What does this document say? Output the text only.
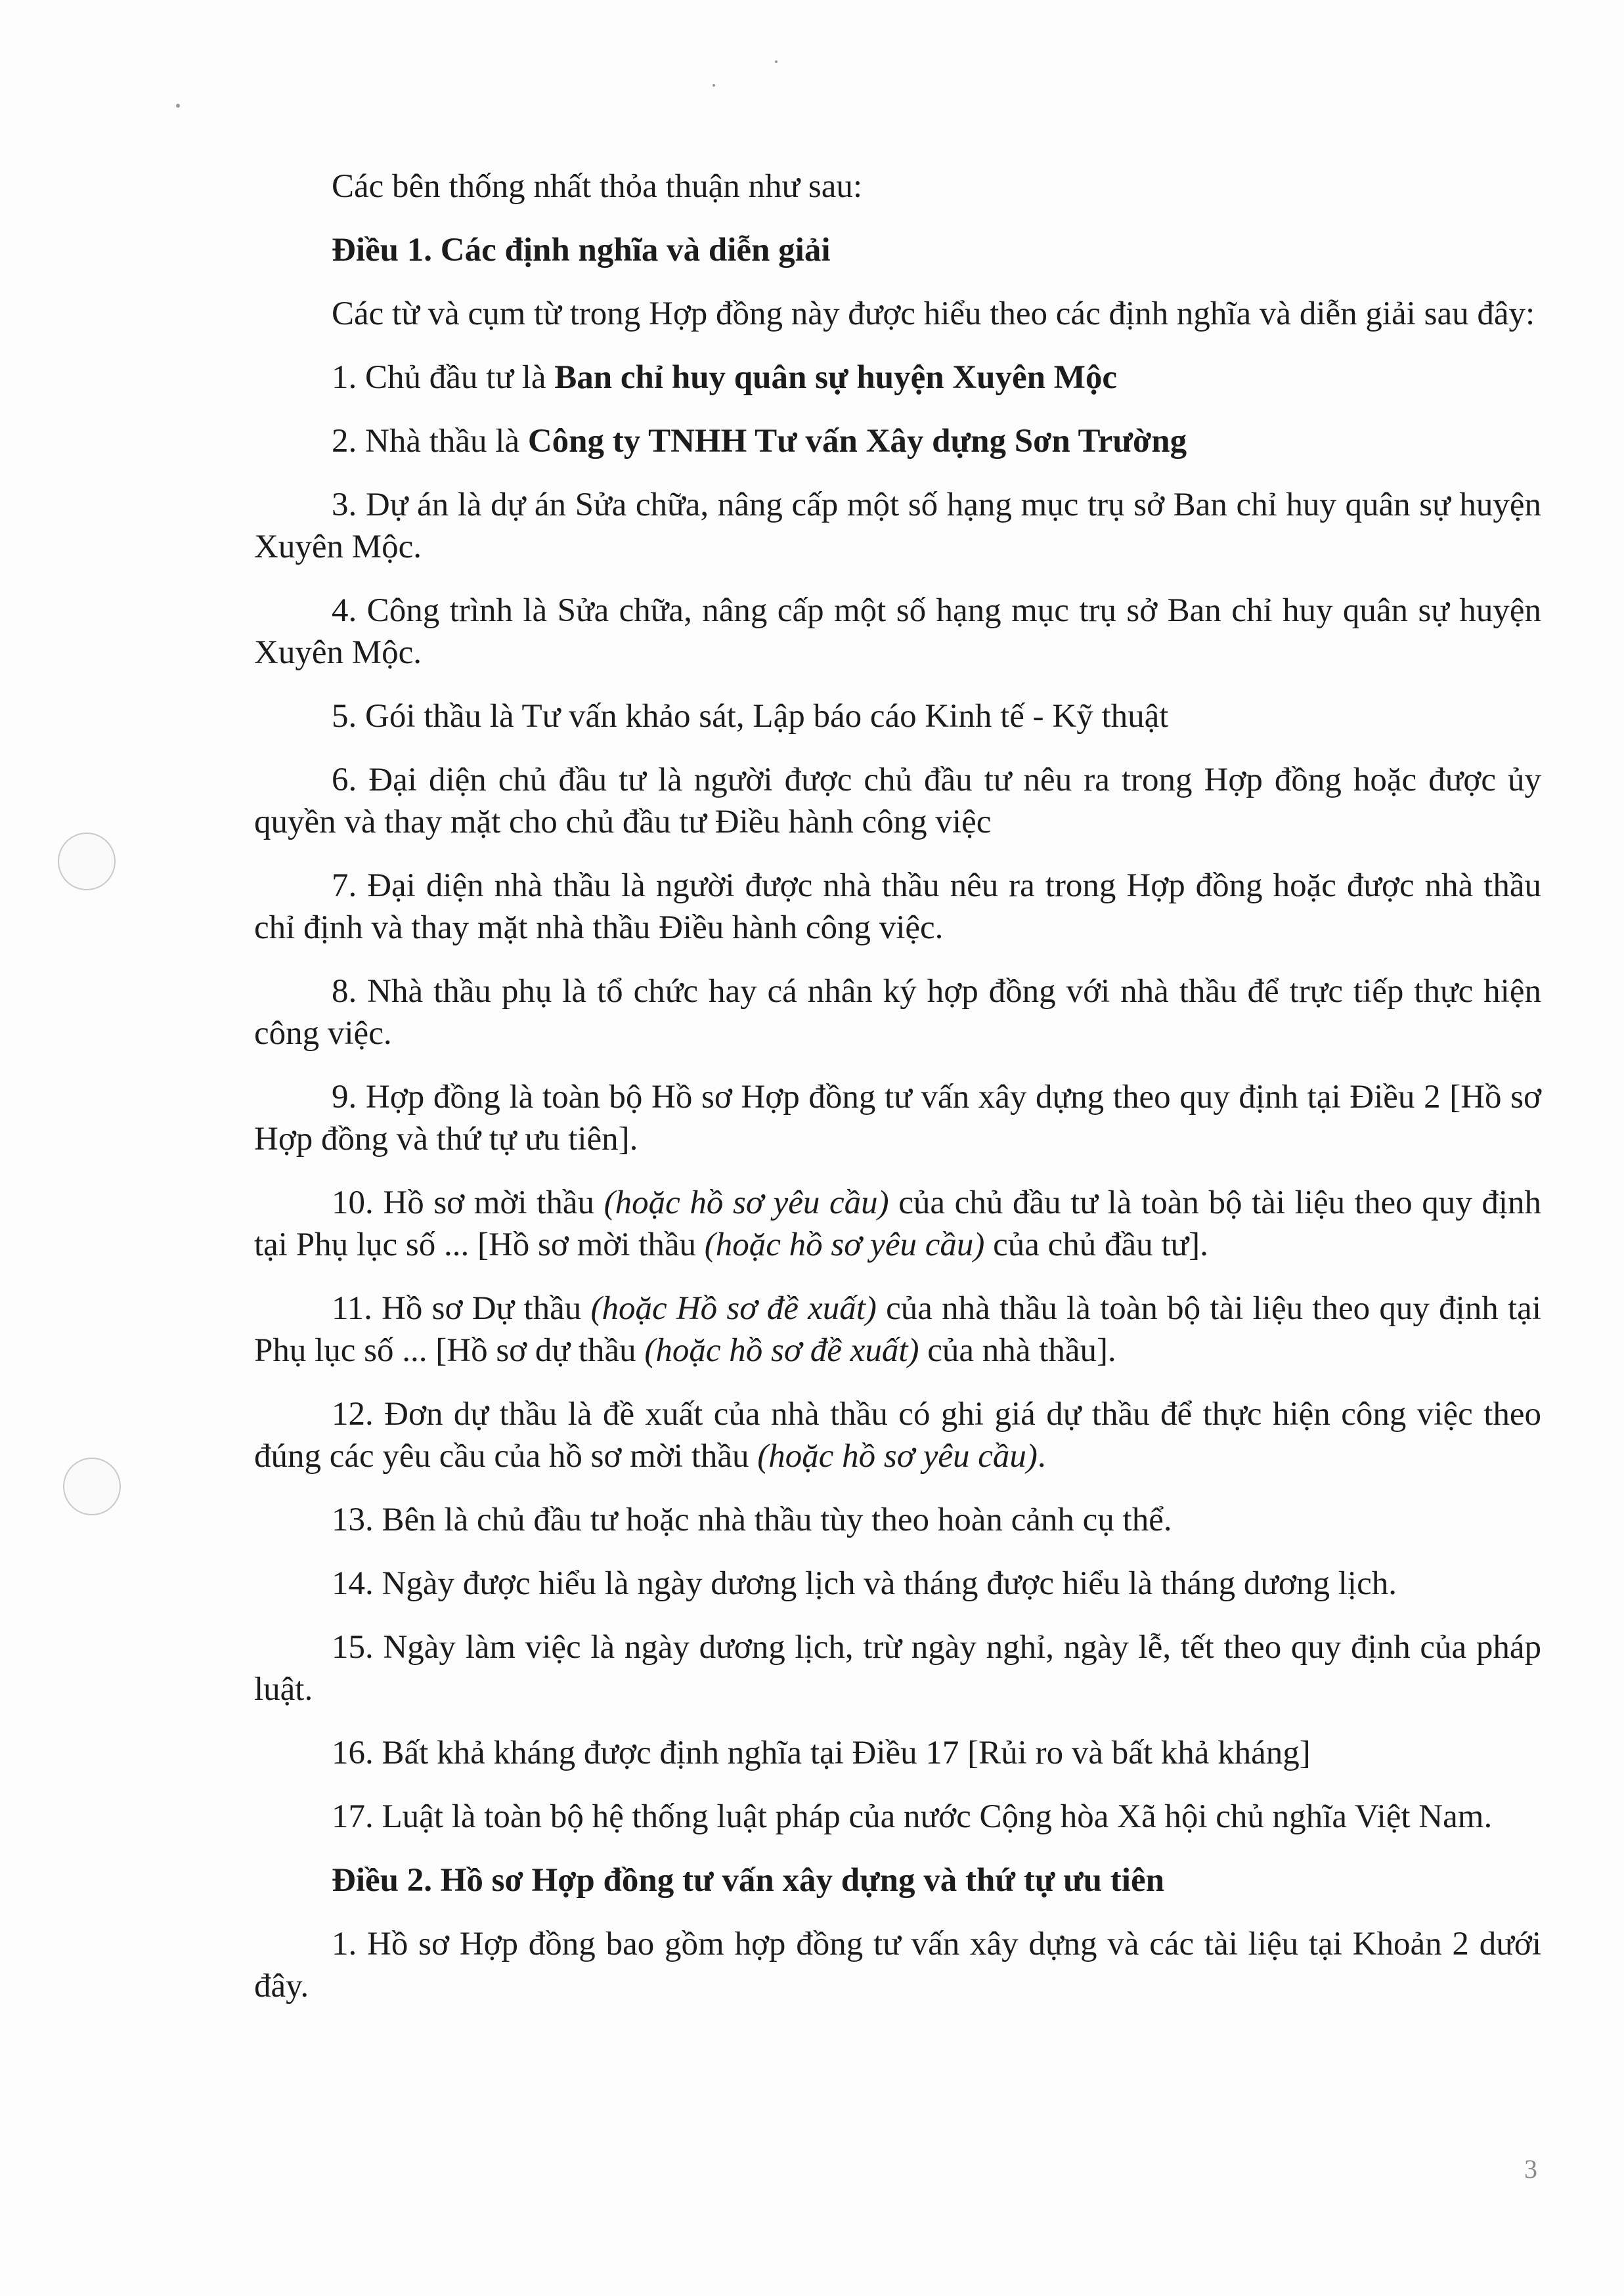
Các bên thống nhất thỏa thuận như sau:

Điều 1. Các định nghĩa và diễn giải

Các từ và cụm từ trong Hợp đồng này được hiểu theo các định nghĩa và diễn giải sau đây:

1. Chủ đầu tư là Ban chỉ huy quân sự huyện Xuyên Mộc

2. Nhà thầu là Công ty TNHH Tư vấn Xây dựng Sơn Trường

3. Dự án là dự án Sửa chữa, nâng cấp một số hạng mục trụ sở Ban chỉ huy quân sự huyện Xuyên Mộc.

4. Công trình là Sửa chữa, nâng cấp một số hạng mục trụ sở Ban chỉ huy quân sự huyện Xuyên Mộc.

5. Gói thầu là Tư vấn khảo sát, Lập báo cáo Kinh tế - Kỹ thuật

6. Đại diện chủ đầu tư là người được chủ đầu tư nêu ra trong Hợp đồng hoặc được ủy quyền và thay mặt cho chủ đầu tư Điều hành công việc

7. Đại diện nhà thầu là người được nhà thầu nêu ra trong Hợp đồng hoặc được nhà thầu chỉ định và thay mặt nhà thầu Điều hành công việc.

8. Nhà thầu phụ là tổ chức hay cá nhân ký hợp đồng với nhà thầu để trực tiếp thực hiện công việc.

9. Hợp đồng là toàn bộ Hồ sơ Hợp đồng tư vấn xây dựng theo quy định tại Điều 2 [Hồ sơ Hợp đồng và thứ tự ưu tiên].

10. Hồ sơ mời thầu (hoặc hồ sơ yêu cầu) của chủ đầu tư là toàn bộ tài liệu theo quy định tại Phụ lục số ... [Hồ sơ mời thầu (hoặc hồ sơ yêu cầu) của chủ đầu tư].

11. Hồ sơ Dự thầu (hoặc Hồ sơ đề xuất) của nhà thầu là toàn bộ tài liệu theo quy định tại Phụ lục số ... [Hồ sơ dự thầu (hoặc hồ sơ đề xuất) của nhà thầu].

12. Đơn dự thầu là đề xuất của nhà thầu có ghi giá dự thầu để thực hiện công việc theo đúng các yêu cầu của hồ sơ mời thầu (hoặc hồ sơ yêu cầu).

13. Bên là chủ đầu tư hoặc nhà thầu tùy theo hoàn cảnh cụ thể.

14. Ngày được hiểu là ngày dương lịch và tháng được hiểu là tháng dương lịch.

15. Ngày làm việc là ngày dương lịch, trừ ngày nghỉ, ngày lễ, tết theo quy định của pháp luật.

16. Bất khả kháng được định nghĩa tại Điều 17 [Rủi ro và bất khả kháng]

17. Luật là toàn bộ hệ thống luật pháp của nước Cộng hòa Xã hội chủ nghĩa Việt Nam.

Điều 2. Hồ sơ Hợp đồng tư vấn xây dựng và thứ tự ưu tiên

1. Hồ sơ Hợp đồng bao gồm hợp đồng tư vấn xây dựng và các tài liệu tại Khoản 2 dưới đây.

3
